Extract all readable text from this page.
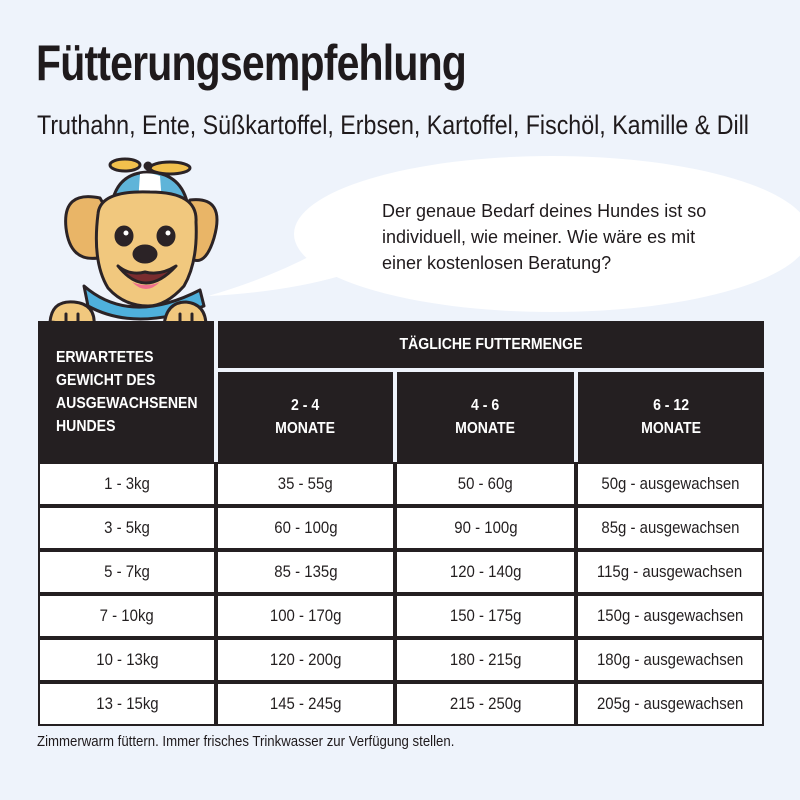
Fütterungsempfehlung
Truthahn, Ente, Süßkartoffel, Erbsen, Kartoffel, Fischöl, Kamille & Dill
Der genaue Bedarf deines Hundes ist so
individuell, wie meiner. Wie wäre es mit
einer kostenlosen Beratung?
ERWARTETES
GEWICHT DES
AUSGEWACHSENEN
HUNDES
TÄGLICHE FUTTERMENGE
2 - 4
MONATE
4 - 6
MONATE
6 - 12
MONATE
1 - 3kg	35 - 55g	50 - 60g	50g - ausgewachsen
3 - 5kg	60 - 100g	90 - 100g	85g - ausgewachsen
5 - 7kg	85 - 135g	120 - 140g	115g - ausgewachsen
7 - 10kg	100 - 170g	150 - 175g	150g - ausgewachsen
10 - 13kg	120 - 200g	180 - 215g	180g - ausgewachsen
13 - 15kg	145 - 245g	215 - 250g	205g - ausgewachsen
Zimmerwarm füttern. Immer frisches Trinkwasser zur Verfügung stellen.
